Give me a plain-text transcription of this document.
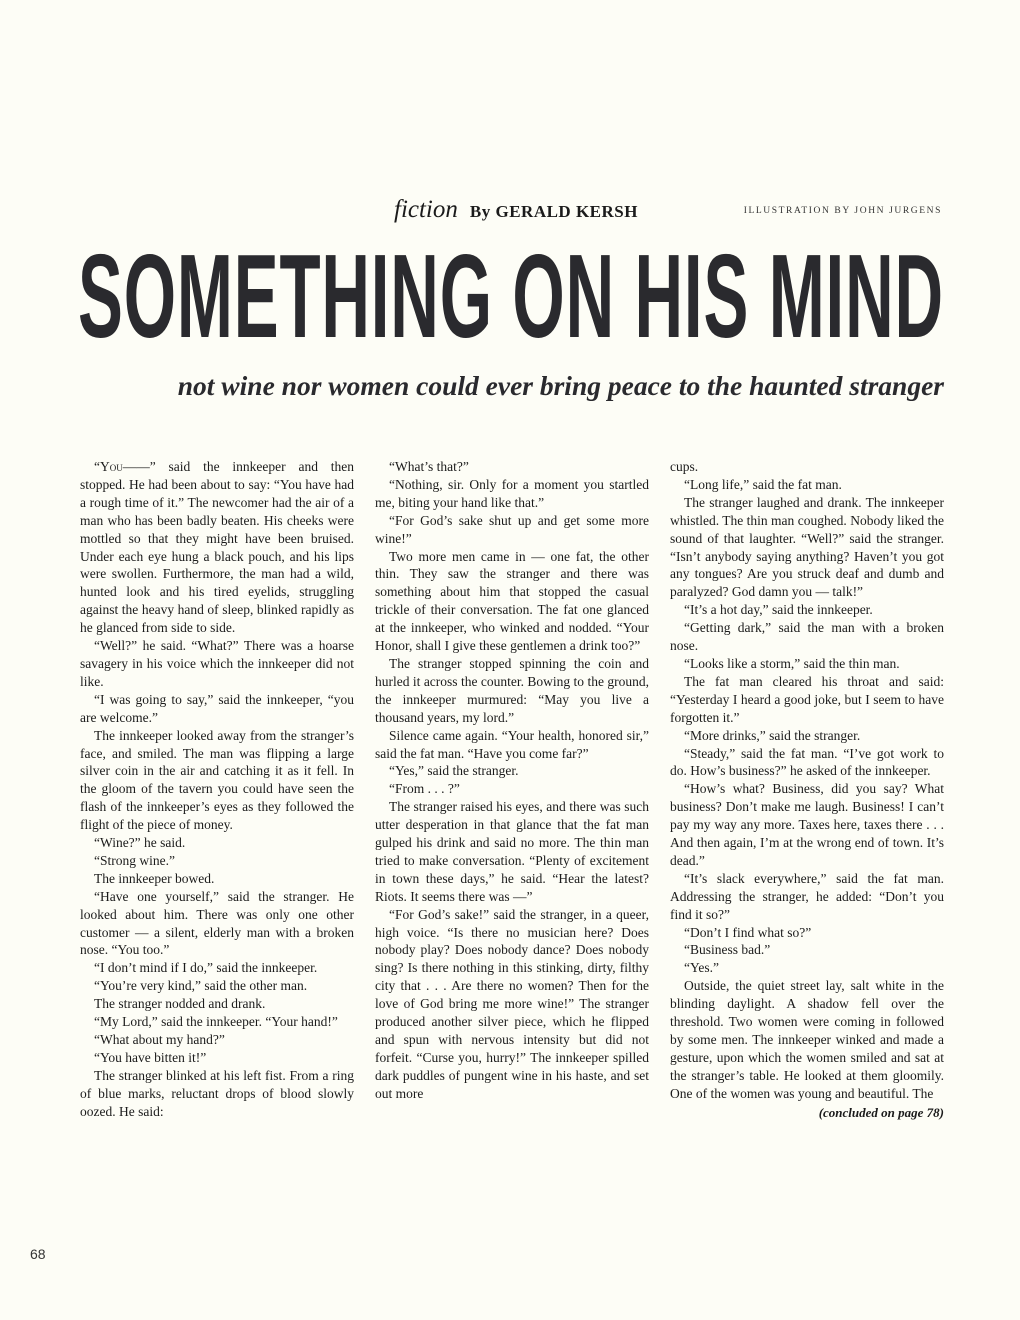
fiction By GERALD KERSH	ILLUSTRATION BY JOHN JURGENS
SOMETHING ON HIS MIND
not wine nor women could ever bring peace to the haunted stranger

“You——” said the innkeeper and then stopped. He had been about to say: “You have had a rough time of it.” The newcomer had the air of a man who has been badly beaten. His cheeks were mottled so that they might have been bruised. Under each eye hung a black pouch, and his lips were swollen. Furthermore, the man had a wild, hunted look and his tired eyelids, struggling against the heavy hand of sleep, blinked rapidly as he glanced from side to side.

“Well?” he said. “What?” There was a hoarse savagery in his voice which the innkeeper did not like.

“I was going to say,” said the innkeeper, “you are welcome.”

The innkeeper looked away from the stranger’s face, and smiled. The man was flipping a large silver coin in the air and catching it as it fell. In the gloom of the tavern you could have seen the flash of the innkeeper’s eyes as they followed the flight of the piece of money.

“Wine?” he said.

“Strong wine.”

The innkeeper bowed.

“Have one yourself,” said the stranger. He looked about him. There was only one other customer — a silent, elderly man with a broken nose. “You too.”

“I don’t mind if I do,” said the innkeeper.

“You’re very kind,” said the other man.

The stranger nodded and drank.

“My Lord,” said the innkeeper. “Your hand!”

“What about my hand?”

“You have bitten it!”

The stranger blinked at his left fist. From a ring of blue marks, reluctant drops of blood slowly oozed. He said:

“What’s that?”

“Nothing, sir. Only for a moment you startled me, biting your hand like that.”

“For God’s sake shut up and get some more wine!”

Two more men came in — one fat, the other thin. They saw the stranger and there was something about him that stopped the casual trickle of their conversation. The fat one glanced at the innkeeper, who winked and nodded. “Your Honor, shall I give these gentlemen a drink too?”

The stranger stopped spinning the coin and hurled it across the counter. Bowing to the ground, the innkeeper murmured: “May you live a thousand years, my lord.”

Silence came again. “Your health, honored sir,” said the fat man. “Have you come far?”

“Yes,” said the stranger.

“From . . . ?”

The stranger raised his eyes, and there was such utter desperation in that glance that the fat man gulped his drink and said no more. The thin man tried to make conversation. “Plenty of excitement in town these days,” he said. “Hear the latest? Riots. It seems there was —”

“For God’s sake!” said the stranger, in a queer, high voice. “Is there no musician here? Does nobody play? Does nobody dance? Does nobody sing? Is there nothing in this stinking, dirty, filthy city that . . . Are there no women? Then for the love of God bring me more wine!” The stranger produced another silver piece, which he flipped and spun with nervous intensity but did not forfeit. “Curse you, hurry!” The innkeeper spilled dark puddles of pungent wine in his haste, and set out more

cups.

“Long life,” said the fat man.

The stranger laughed and drank. The innkeeper whistled. The thin man coughed. Nobody liked the sound of that laughter. “Well?” said the stranger. “Isn’t anybody saying anything? Haven’t you got any tongues? Are you struck deaf and dumb and paralyzed? God damn you — talk!”

“It’s a hot day,” said the innkeeper.

“Getting dark,” said the man with a broken nose.

“Looks like a storm,” said the thin man.

The fat man cleared his throat and said: “Yesterday I heard a good joke, but I seem to have forgotten it.”

“More drinks,” said the stranger.

“Steady,” said the fat man. “I’ve got work to do. How’s business?” he asked of the innkeeper.

“How’s what? Business, did you say? What business? Don’t make me laugh. Business! I can’t pay my way any more. Taxes here, taxes there . . . And then again, I’m at the wrong end of town. It’s dead.”

“It’s slack everywhere,” said the fat man. Addressing the stranger, he added: “Don’t you find it so?”

“Don’t I find what so?”

“Business bad.”

“Yes.”

Outside, the quiet street lay, salt white in the blinding daylight. A shadow fell over the threshold. Two women were coming in followed by some men. The innkeeper winked and made a gesture, upon which the women smiled and sat at the stranger’s table. He looked at them gloomily. One of the women was young and beautiful. The

(concluded on page 78)
68
